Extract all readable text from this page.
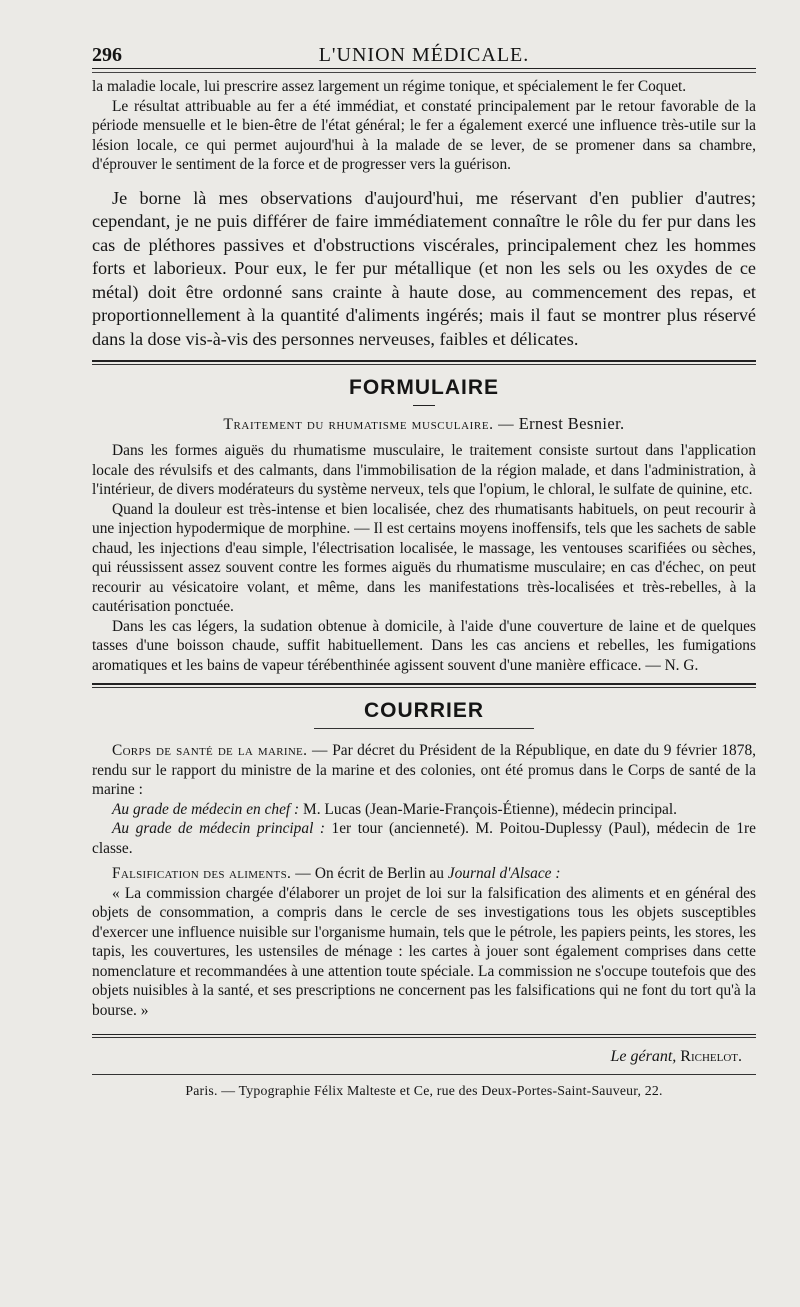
296	L'UNION MÉDICALE.

la maladie locale, lui prescrire assez largement un régime tonique, et spécialement le fer Coquet.

Le résultat attribuable au fer a été immédiat, et constaté principalement par le retour favorable de la période mensuelle et le bien-être de l'état général; le fer a également exercé une influence très-utile sur la lésion locale, ce qui permet aujourd'hui à la malade de se lever, de se promener dans sa chambre, d'éprouver le sentiment de la force et de progresser vers la guérison.

Je borne là mes observations d'aujourd'hui, me réservant d'en publier d'autres; cependant, je ne puis différer de faire immédiatement connaître le rôle du fer pur dans les cas de pléthores passives et d'obstructions viscérales, principalement chez les hommes forts et laborieux. Pour eux, le fer pur métallique (et non les sels ou les oxydes de ce métal) doit être ordonné sans crainte à haute dose, au commencement des repas, et proportionnellement à la quantité d'aliments ingérés; mais il faut se montrer plus réservé dans la dose vis-à-vis des personnes nerveuses, faibles et délicates.

FORMULAIRE
Traitement du rhumatisme musculaire. — Ernest Besnier.

Dans les formes aiguës du rhumatisme musculaire, le traitement consiste surtout dans l'application locale des révulsifs et des calmants, dans l'immobilisation de la région malade, et dans l'administration, à l'intérieur, de divers modérateurs du système nerveux, tels que l'opium, le chloral, le sulfate de quinine, etc.

Quand la douleur est très-intense et bien localisée, chez des rhumatisants habituels, on peut recourir à une injection hypodermique de morphine. — Il est certains moyens inoffensifs, tels que les sachets de sable chaud, les injections d'eau simple, l'électrisation localisée, le massage, les ventouses scarifiées ou sèches, qui réussissent assez souvent contre les formes aiguës du rhumatisme musculaire; en cas d'échec, on peut recourir au vésicatoire volant, et même, dans les manifestations très-localisées et très-rebelles, à la cautérisation ponctuée.

Dans les cas légers, la sudation obtenue à domicile, à l'aide d'une couverture de laine et de quelques tasses d'une boisson chaude, suffit habituellement. Dans les cas anciens et rebelles, les fumigations aromatiques et les bains de vapeur térébenthinée agissent souvent d'une manière efficace. — N. G.

COURRIER

Corps de santé de la marine. — Par décret du Président de la République, en date du 9 février 1878, rendu sur le rapport du ministre de la marine et des colonies, ont été promus dans le Corps de santé de la marine :

Au grade de médecin en chef : M. Lucas (Jean-Marie-François-Étienne), médecin principal.

Au grade de médecin principal : 1er tour (ancienneté). M. Poitou-Duplessy (Paul), médecin de 1re classe.

Falsification des aliments. — On écrit de Berlin au Journal d'Alsace :

« La commission chargée d'élaborer un projet de loi sur la falsification des aliments et en général des objets de consommation, a compris dans le cercle de ses investigations tous les objets susceptibles d'exercer une influence nuisible sur l'organisme humain, tels que le pétrole, les papiers peints, les stores, les tapis, les couvertures, les ustensiles de ménage : les cartes à jouer sont également comprises dans cette nomenclature et recommandées à une attention toute spéciale. La commission ne s'occupe toutefois que des objets nuisibles à la santé, et ses prescriptions ne concernent pas les falsifications qui ne font du tort qu'à la bourse. »

Le gérant, Richelot.
Paris. — Typographie Félix Malteste et Ce, rue des Deux-Portes-Saint-Sauveur, 22.
